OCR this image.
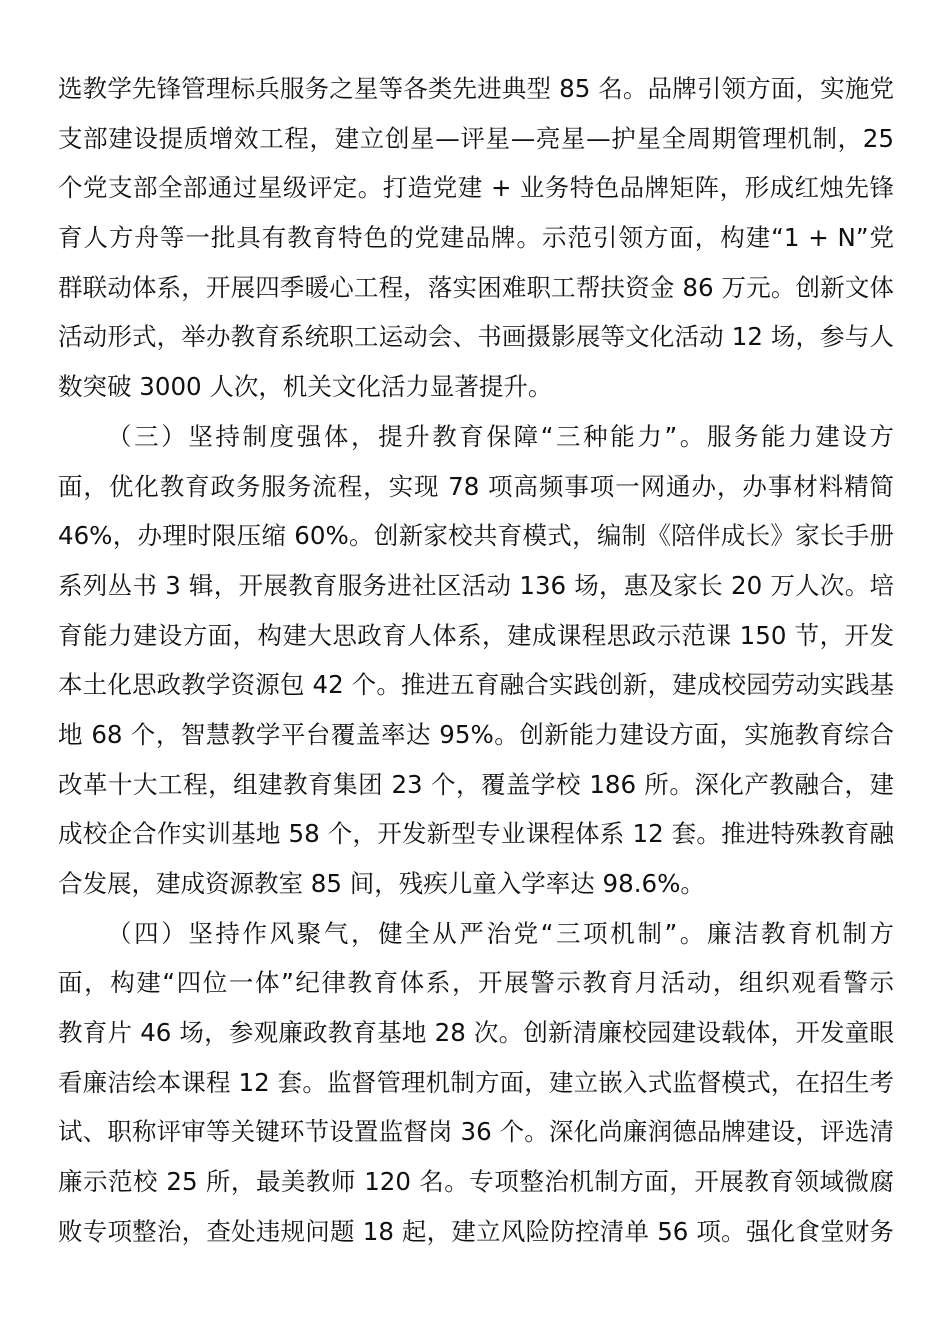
选教学先锋管理标兵服务之星等各类先进典型 85 名。品牌引领方面，实施党
支部建设提质增效工程，建立创星—评星—亮星—护星全周期管理机制，25
个党支部全部通过星级评定。打造党建 + 业务特色品牌矩阵，形成红烛先锋
育人方舟等一批具有教育特色的党建品牌。示范引领方面，构建“1 + N”党
群联动体系，开展四季暖心工程，落实困难职工帮扶资金 86 万元。创新文体
活动形式，举办教育系统职工运动会、书画摄影展等文化活动 12 场，参与人
数突破 3000 人次，机关文化活力显著提升。
（三）坚持制度强体，提升教育保障“三种能力”。服务能力建设方
面，优化教育政务服务流程，实现 78 项高频事项一网通办，办事材料精简
46%，办理时限压缩 60%。创新家校共育模式，编制《陪伴成长》家长手册
系列丛书 3 辑，开展教育服务进社区活动 136 场，惠及家长 20 万人次。培
育能力建设方面，构建大思政育人体系，建成课程思政示范课 150 节，开发
本土化思政教学资源包 42 个。推进五育融合实践创新，建成校园劳动实践基
地 68 个，智慧教学平台覆盖率达 95%。创新能力建设方面，实施教育综合
改革十大工程，组建教育集团 23 个，覆盖学校 186 所。深化产教融合，建
成校企合作实训基地 58 个，开发新型专业课程体系 12 套。推进特殊教育融
合发展，建成资源教室 85 间，残疾儿童入学率达 98.6%。
（四）坚持作风聚气，健全从严治党“三项机制”。廉洁教育机制方
面，构建“四位一体”纪律教育体系，开展警示教育月活动，组织观看警示
教育片 46 场，参观廉政教育基地 28 次。创新清廉校园建设载体，开发童眼
看廉洁绘本课程 12 套。监督管理机制方面，建立嵌入式监督模式，在招生考
试、职称评审等关键环节设置监督岗 36 个。深化尚廉润德品牌建设，评选清
廉示范校 25 所，最美教师 120 名。专项整治机制方面，开展教育领域微腐
败专项整治，查处违规问题 18 起，建立风险防控清单 56 项。强化食堂财务
